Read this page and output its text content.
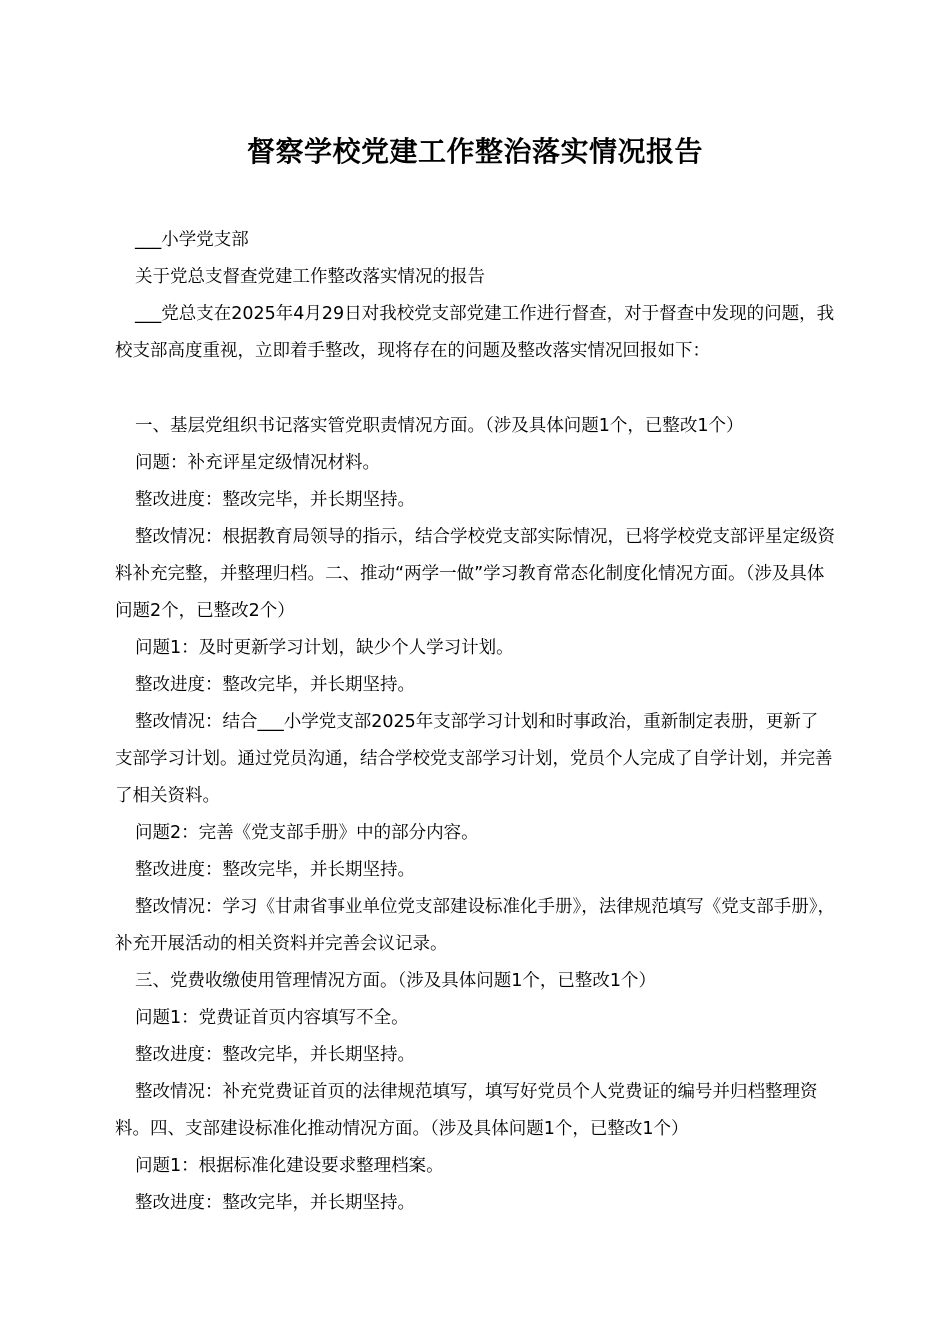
督察学校党建工作整治落实情况报告

___小学党支部

关于党总支督查党建工作整改落实情况的报告

___党总支在2025年4月29日对我校党支部党建工作进行督查，对于督查中发现的问题，我校支部高度重视，立即着手整改，现将存在的问题及整改落实情况回报如下：

一、基层党组织书记落实管党职责情况方面。（涉及具体问题1个，已整改1个）

问题：补充评星定级情况材料。

整改进度：整改完毕，并长期坚持。

整改情况：根据教育局领导的指示，结合学校党支部实际情况，已将学校党支部评星定级资料补充完整，并整理归档。二、推动“两学一做”学习教育常态化制度化情况方面。（涉及具体问题2个，已整改2个）

问题1：及时更新学习计划，缺少个人学习计划。

整改进度：整改完毕，并长期坚持。

整改情况：结合___小学党支部2025年支部学习计划和时事政治，重新制定表册，更新了支部学习计划。通过党员沟通，结合学校党支部学习计划，党员个人完成了自学计划，并完善了相关资料。

问题2：完善《党支部手册》中的部分内容。

整改进度：整改完毕，并长期坚持。

整改情况：学习《甘肃省事业单位党支部建设标准化手册》，法律规范填写《党支部手册》，补充开展活动的相关资料并完善会议记录。

三、党费收缴使用管理情况方面。（涉及具体问题1个，已整改1个）

问题1：党费证首页内容填写不全。

整改进度：整改完毕，并长期坚持。

整改情况：补充党费证首页的法律规范填写，填写好党员个人党费证的编号并归档整理资料。四、支部建设标准化推动情况方面。（涉及具体问题1个，已整改1个）

问题1：根据标准化建设要求整理档案。

整改进度：整改完毕，并长期坚持。
